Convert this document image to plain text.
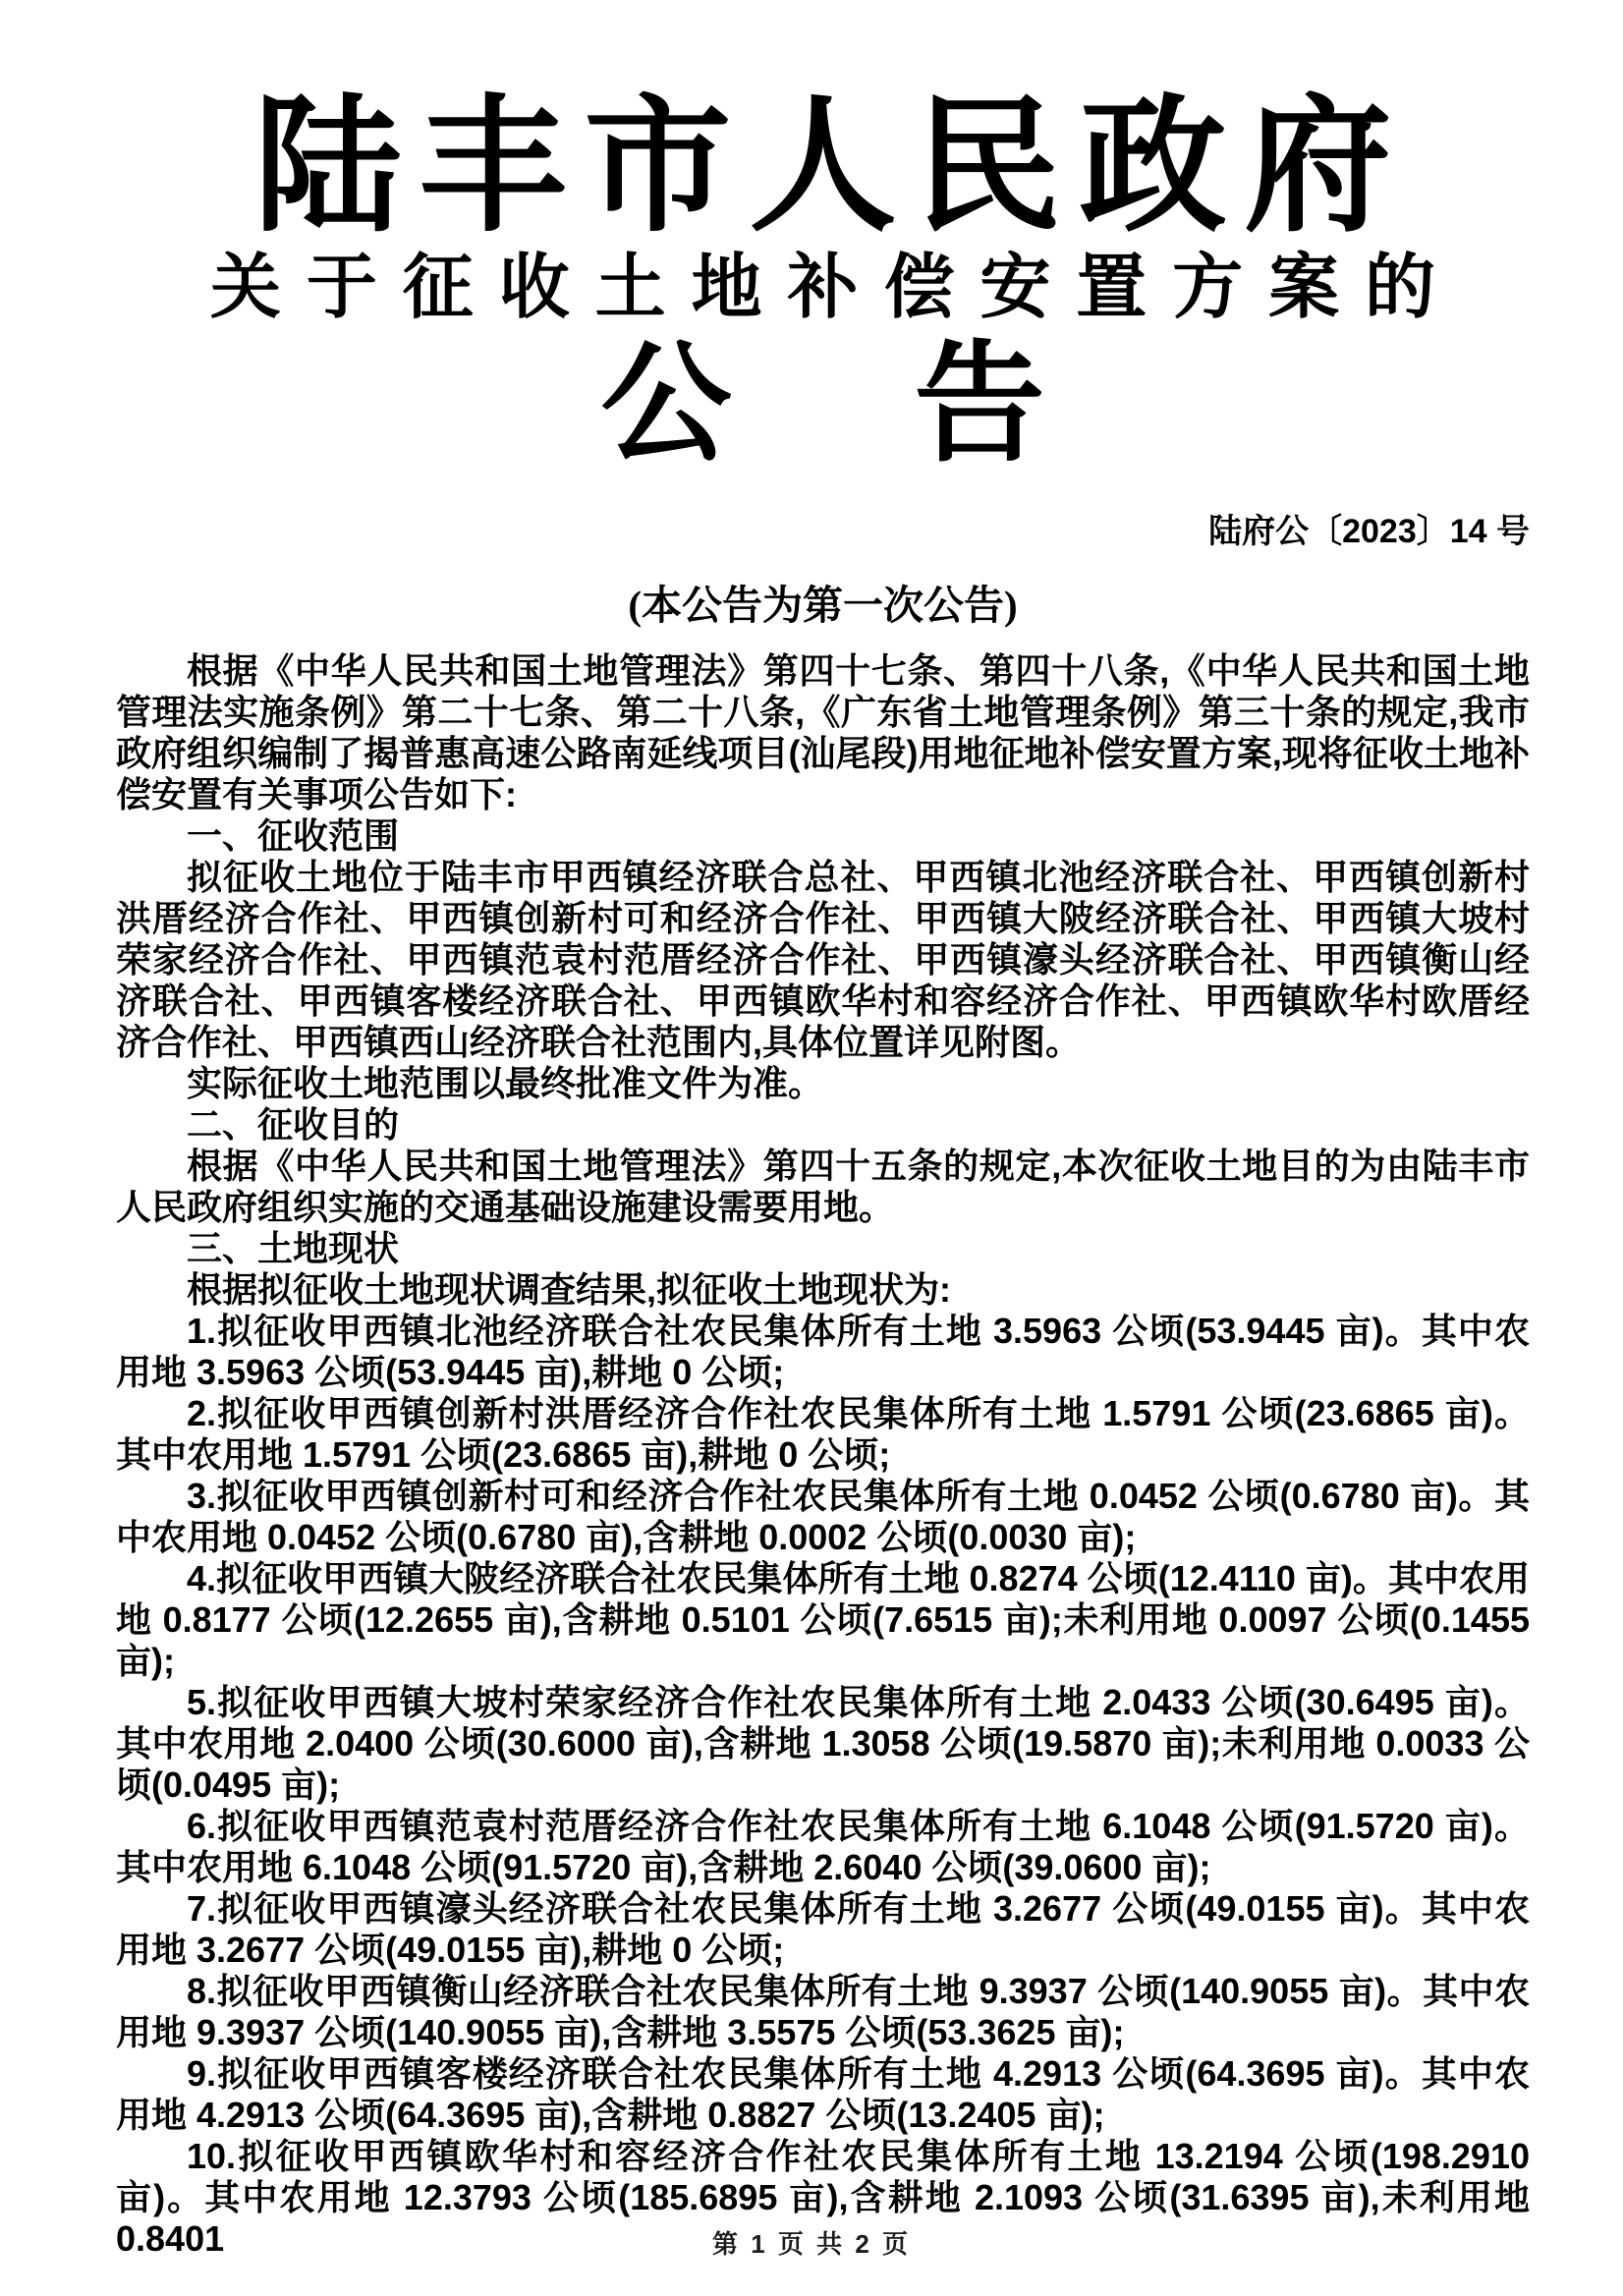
陆丰市人民政府
关于征收土地补偿安置方案的
公 告
陆府公〔2023〕14 号
(本公告为第一次公告)

根据《中华人民共和国土地管理法》第四十七条、第四十八条,《中华人民共和国土地管理法实施条例》第二十七条、第二十八条,《广东省土地管理条例》第三十条的规定,我市政府组织编制了揭普惠高速公路南延线项目(汕尾段)用地征地补偿安置方案,现将征收土地补偿安置有关事项公告如下:

一、征收范围

拟征收土地位于陆丰市甲西镇经济联合总社、甲西镇北池经济联合社、甲西镇创新村洪厝经济合作社、甲西镇创新村可和经济合作社、甲西镇大陂经济联合社、甲西镇大坡村荣家经济合作社、甲西镇范袁村范厝经济合作社、甲西镇濠头经济联合社、甲西镇衡山经济联合社、甲西镇客楼经济联合社、甲西镇欧华村和容经济合作社、甲西镇欧华村欧厝经济合作社、甲西镇西山经济联合社范围内,具体位置详见附图。

实际征收土地范围以最终批准文件为准。

二、征收目的

根据《中华人民共和国土地管理法》第四十五条的规定,本次征收土地目的为由陆丰市人民政府组织实施的交通基础设施建设需要用地。

三、土地现状

根据拟征收土地现状调查结果,拟征收土地现状为:

1.拟征收甲西镇北池经济联合社农民集体所有土地 3.5963 公顷(53.9445 亩)。其中农用地 3.5963 公顷(53.9445 亩),耕地 0 公顷;

2.拟征收甲西镇创新村洪厝经济合作社农民集体所有土地 1.5791 公顷(23.6865 亩)。其中农用地 1.5791 公顷(23.6865 亩),耕地 0 公顷;

3.拟征收甲西镇创新村可和经济合作社农民集体所有土地 0.0452 公顷(0.6780 亩)。其中农用地 0.0452 公顷(0.6780 亩),含耕地 0.0002 公顷(0.0030 亩);

4.拟征收甲西镇大陂经济联合社农民集体所有土地 0.8274 公顷(12.4110 亩)。其中农用地 0.8177 公顷(12.2655 亩),含耕地 0.5101 公顷(7.6515 亩);未利用地 0.0097 公顷(0.1455 亩);

5.拟征收甲西镇大坡村荣家经济合作社农民集体所有土地 2.0433 公顷(30.6495 亩)。其中农用地 2.0400 公顷(30.6000 亩),含耕地 1.3058 公顷(19.5870 亩);未利用地 0.0033 公顷(0.0495 亩);

6.拟征收甲西镇范袁村范厝经济合作社农民集体所有土地 6.1048 公顷(91.5720 亩)。其中农用地 6.1048 公顷(91.5720 亩),含耕地 2.6040 公顷(39.0600 亩);

7.拟征收甲西镇濠头经济联合社农民集体所有土地 3.2677 公顷(49.0155 亩)。其中农用地 3.2677 公顷(49.0155 亩),耕地 0 公顷;

8.拟征收甲西镇衡山经济联合社农民集体所有土地 9.3937 公顷(140.9055 亩)。其中农用地 9.3937 公顷(140.9055 亩),含耕地 3.5575 公顷(53.3625 亩);

9.拟征收甲西镇客楼经济联合社农民集体所有土地 4.2913 公顷(64.3695 亩)。其中农用地 4.2913 公顷(64.3695 亩),含耕地 0.8827 公顷(13.2405 亩);

10.拟征收甲西镇欧华村和容经济合作社农民集体所有土地 13.2194 公顷(198.2910 亩)。其中农用地 12.3793 公顷(185.6895 亩),含耕地 2.1093 公顷(31.6395 亩),未利用地 0.8401	第 1 页 共 2 页
